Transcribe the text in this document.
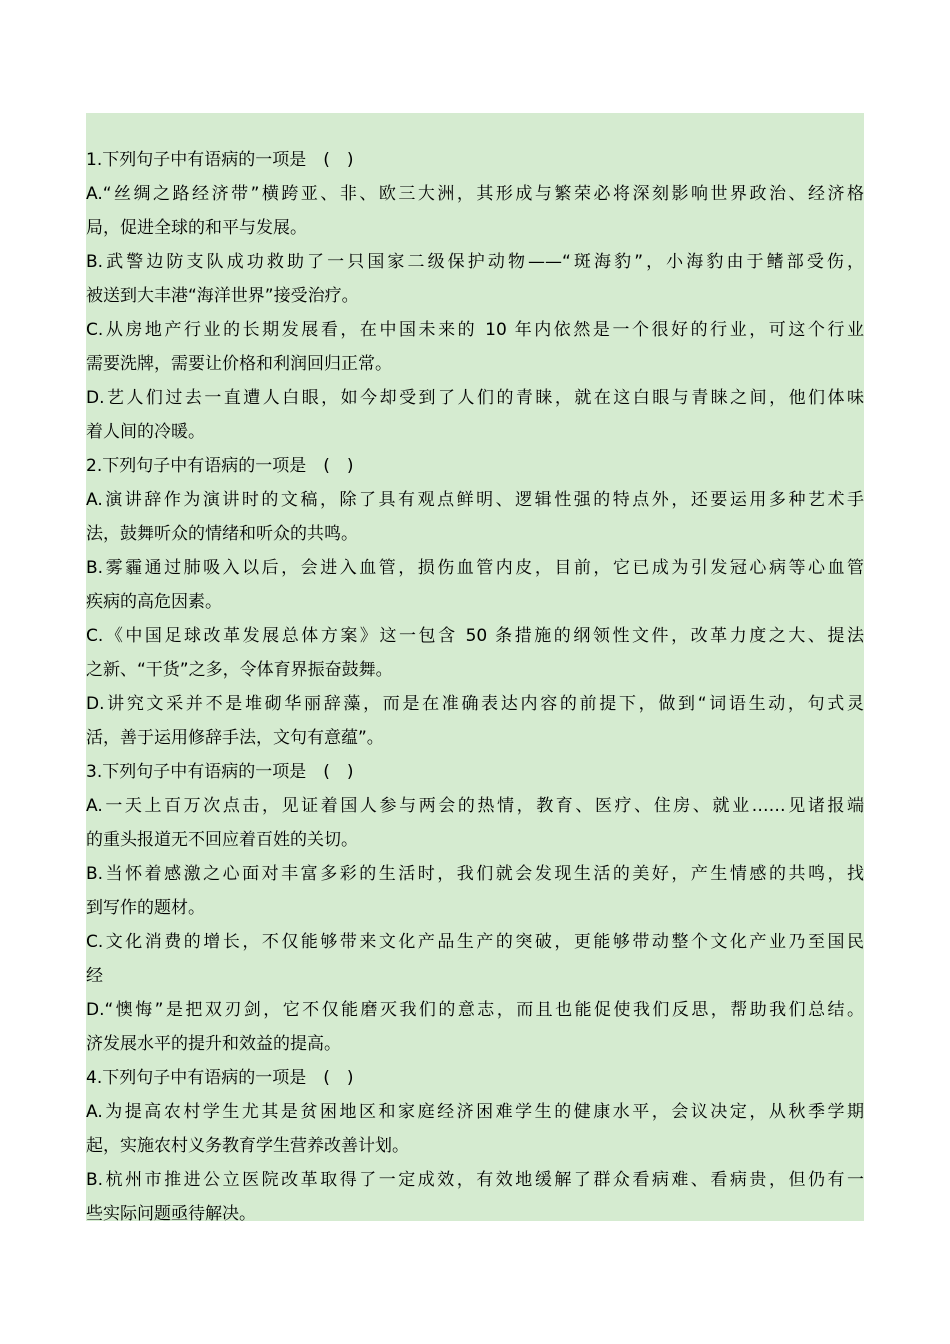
1.下列句子中有语病的一项是　(　)

A.“丝绸之路经济带”横跨亚、非、欧三大洲，其形成与繁荣必将深刻影响世界政治、经济格

局，促进全球的和平与发展。

B.武警边防支队成功救助了一只国家二级保护动物——“斑海豹”，小海豹由于鳍部受伤，

被送到大丰港“海洋世界”接受治疗。

C.从房地产行业的长期发展看，在中国未来的 10 年内依然是一个很好的行业，可这个行业

需要洗牌，需要让价格和利润回归正常。

D.艺人们过去一直遭人白眼，如今却受到了人们的青睐，就在这白眼与青睐之间，他们体味

着人间的冷暖。

2.下列句子中有语病的一项是　(　)

A.演讲辞作为演讲时的文稿，除了具有观点鲜明、逻辑性强的特点外，还要运用多种艺术手

法，鼓舞听众的情绪和听众的共鸣。

B.雾霾通过肺吸入以后，会进入血管，损伤血管内皮，目前，它已成为引发冠心病等心血管

疾病的高危因素。

C.《中国足球改革发展总体方案》这一包含 50 条措施的纲领性文件，改革力度之大、提法

之新、“干货”之多，令体育界振奋鼓舞。

D.讲究文采并不是堆砌华丽辞藻，而是在准确表达内容的前提下，做到“词语生动，句式灵

活，善于运用修辞手法，文句有意蕴”。

3.下列句子中有语病的一项是　(　)

A.一天上百万次点击，见证着国人参与两会的热情，教育、医疗、住房、就业……见诸报端

的重头报道无不回应着百姓的关切。

B.当怀着感激之心面对丰富多彩的生活时，我们就会发现生活的美好，产生情感的共鸣，找

到写作的题材。

C.文化消费的增长，不仅能够带来文化产品生产的突破，更能够带动整个文化产业乃至国民

经

D.“懊悔”是把双刃剑，它不仅能磨灭我们的意志，而且也能促使我们反思，帮助我们总结。

济发展水平的提升和效益的提高。

4.下列句子中有语病的一项是　(　)

A.为提高农村学生尤其是贫困地区和家庭经济困难学生的健康水平，会议决定，从秋季学期

起，实施农村义务教育学生营养改善计划。

B.杭州市推进公立医院改革取得了一定成效，有效地缓解了群众看病难、看病贵，但仍有一

些实际问题亟待解决。
